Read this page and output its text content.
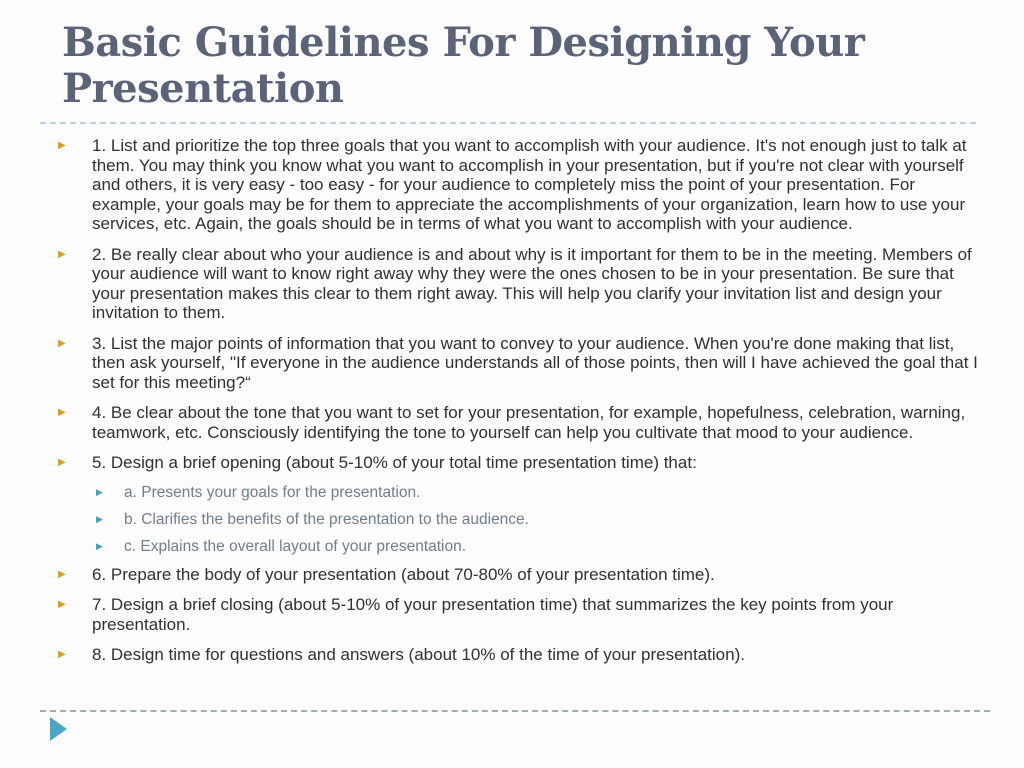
Basic Guidelines For Designing Your
Presentation
▶	1. List and prioritize the top three goals that you want to accomplish with your audience. It's not enough just to talk at them. You may think you know what you want to accomplish in your presentation, but if you're not clear with yourself and others, it is very easy - too easy - for your audience to completely miss the point of your presentation. For example, your goals may be for them to appreciate the accomplishments of your organization, learn how to use your services, etc. Again, the goals should be in terms of what you want to accomplish with your audience.
▶	2. Be really clear about who your audience is and about why is it important for them to be in the meeting. Members of your audience will want to know right away why they were the ones chosen to be in your presentation. Be sure that your presentation makes this clear to them right away. This will help you clarify your invitation list and design your invitation to them.
▶	3. List the major points of information that you want to convey to your audience. When you're done making that list, then ask yourself, "If everyone in the audience understands all of those points, then will I have achieved the goal that I set for this meeting?“
▶	4. Be clear about the tone that you want to set for your presentation, for example, hopefulness, celebration, warning, teamwork, etc. Consciously identifying the tone to yourself can help you cultivate that mood to your audience.
▶	5. Design a brief opening (about 5-10% of your total time presentation time) that:
▶	a. Presents your goals for the presentation.
▶	b. Clarifies the benefits of the presentation to the audience.
▶	c. Explains the overall layout of your presentation.
▶	6. Prepare the body of your presentation (about 70-80% of your presentation time).
▶	7. Design a brief closing (about 5-10% of your presentation time) that summarizes the key points from your presentation.
▶	8. Design time for questions and answers (about 10% of the time of your presentation).
